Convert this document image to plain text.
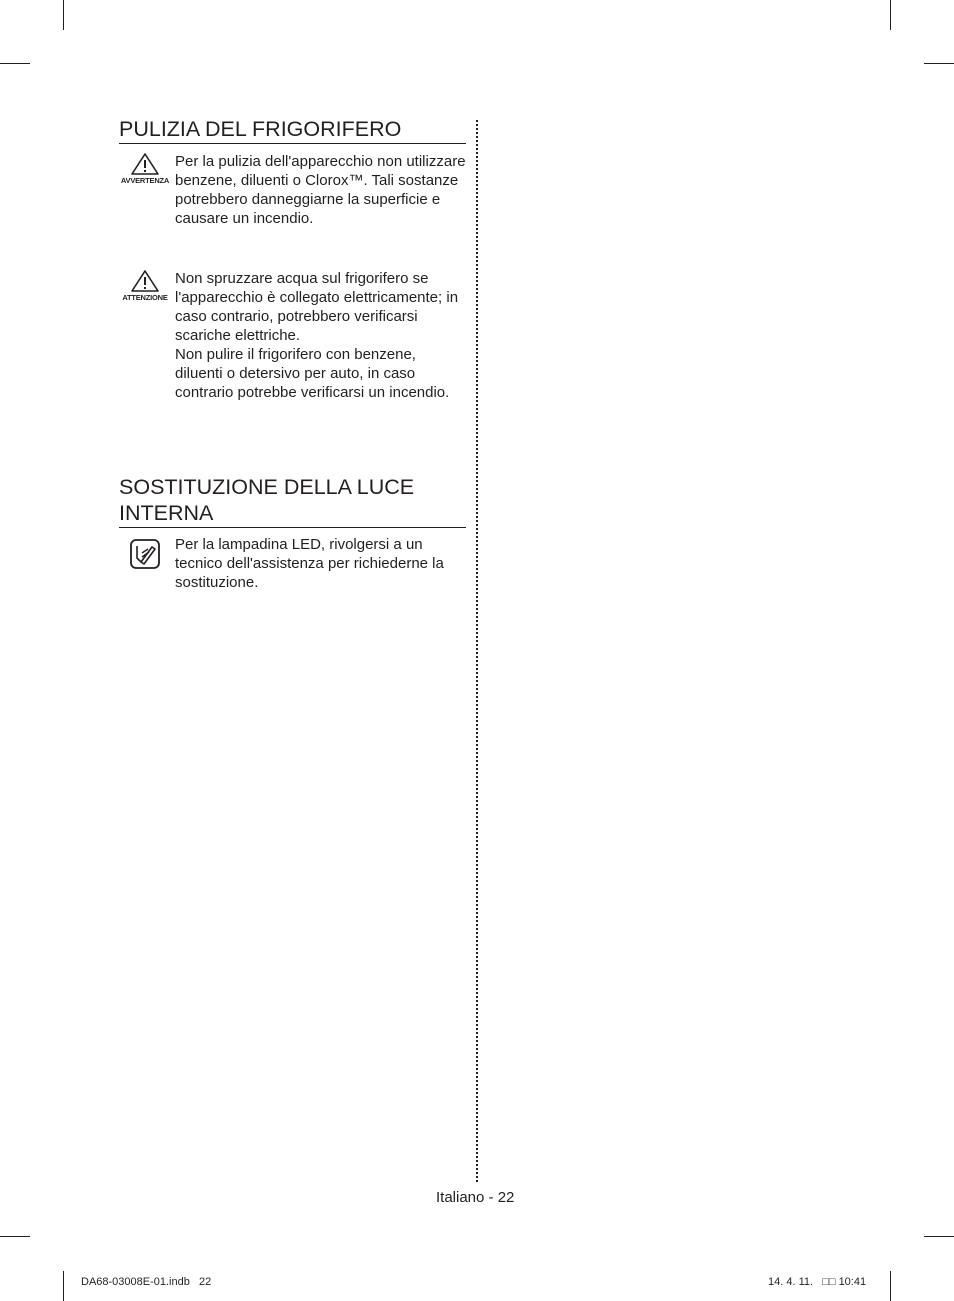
PULIZIA DEL FRIGORIFERO
AVVERTENZA

Per la pulizia dell'apparecchio non utilizzare benzene, diluenti o Clorox™. Tali sostanze potrebbero danneggiarne la superficie e causare un incendio.

ATTENZIONE

Non spruzzare acqua sul frigorifero se l'apparecchio è collegato elettricamente; in caso contrario, potrebbero verificarsi scariche elettriche.

Non pulire il frigorifero con benzene, diluenti o detersivo per auto, in caso contrario potrebbe verificarsi un incendio.

SOSTITUZIONE DELLA LUCE INTERNA

Per la lampadina LED, rivolgersi a un tecnico dell'assistenza per richiederne la sostituzione.

Italiano - 22
DA68-03008E-01.indb   22	14. 4. 11.   □□ 10:41
